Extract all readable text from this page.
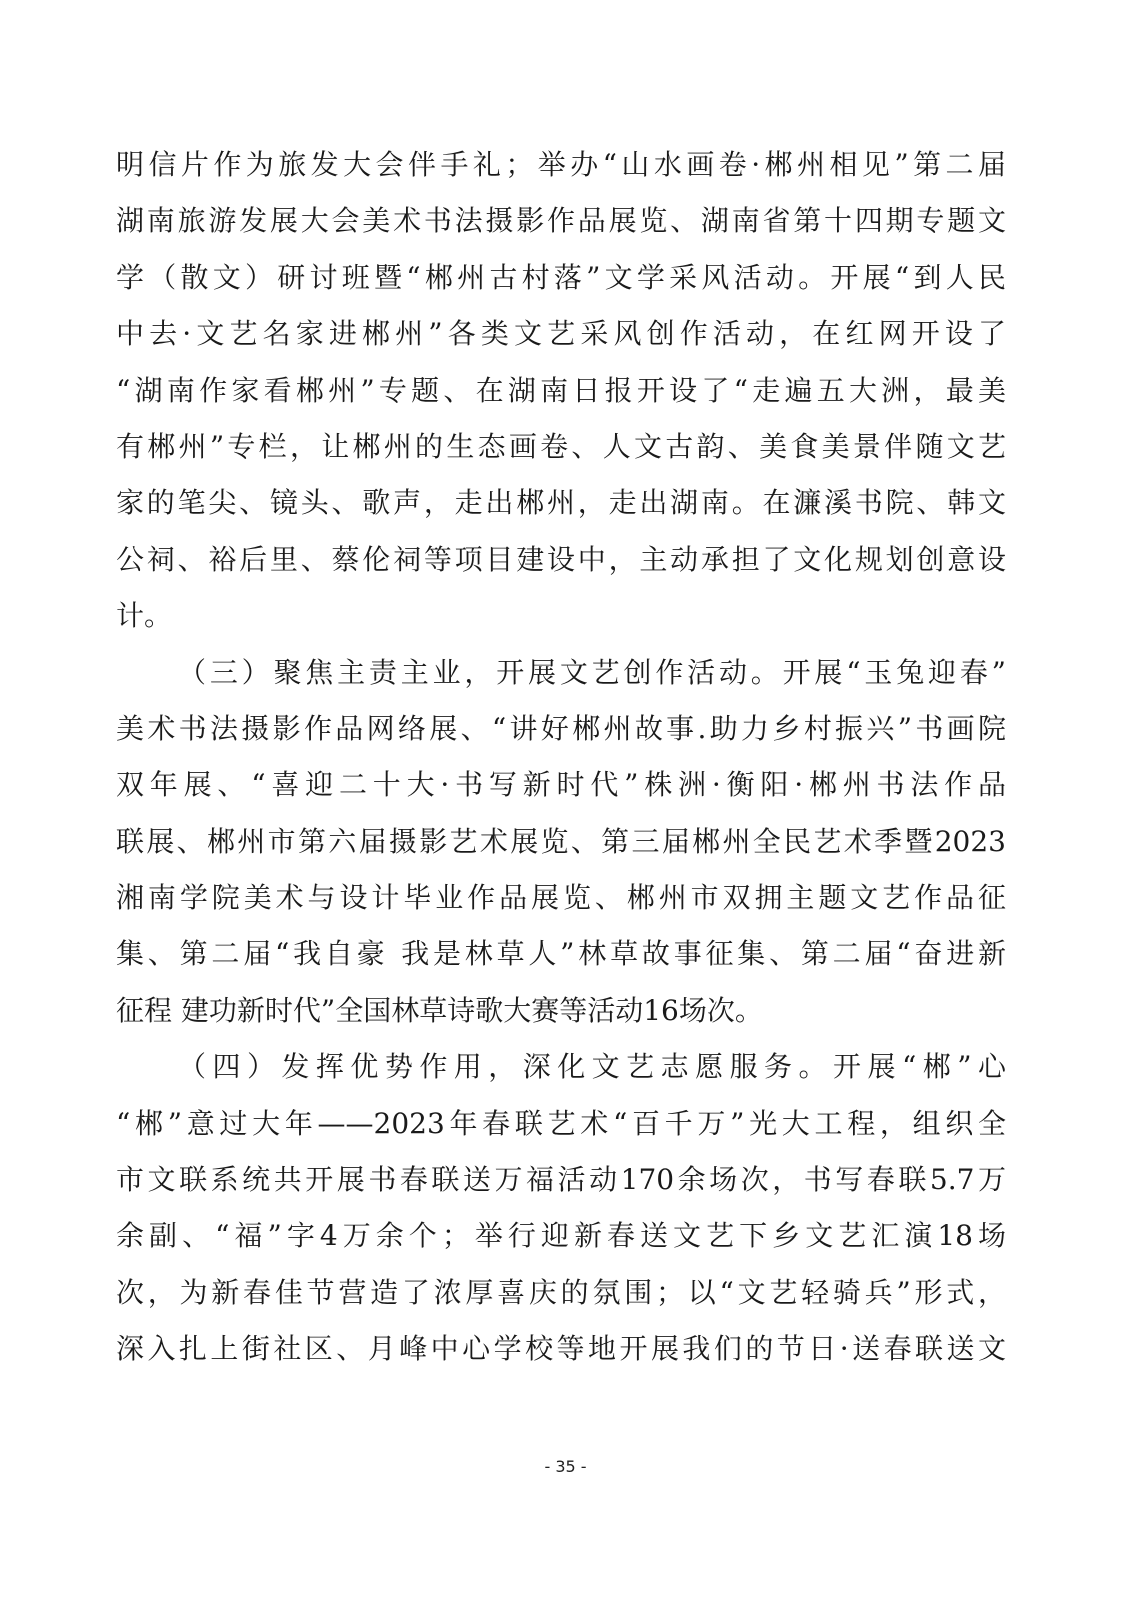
明信片作为旅发大会伴手礼；举办“山水画卷·郴州相见”第二届
湖南旅游发展大会美术书法摄影作品展览、湖南省第十四期专题文
学（散文）研讨班暨“郴州古村落”文学采风活动。开展“到人民
中去·文艺名家进郴州”各类文艺采风创作活动，在红网开设了
“湖南作家看郴州”专题、在湖南日报开设了“走遍五大洲，最美
有郴州”专栏，让郴州的生态画卷、人文古韵、美食美景伴随文艺
家的笔尖、镜头、歌声，走出郴州，走出湖南。在濂溪书院、韩文
公祠、裕后里、蔡伦祠等项目建设中，主动承担了文化规划创意设
计。
（三）聚焦主责主业，开展文艺创作活动。开展“玉兔迎春”
美术书法摄影作品网络展、“讲好郴州故事.助力乡村振兴”书画院
双年展、“喜迎二十大·书写新时代”株洲·衡阳·郴州书法作品
联展、郴州市第六届摄影艺术展览、第三届郴州全民艺术季暨2023
湘南学院美术与设计毕业作品展览、郴州市双拥主题文艺作品征
集、第二届“我自豪 我是林草人”林草故事征集、第二届“奋进新
征程 建功新时代”全国林草诗歌大赛等活动16场次。
（四）发挥优势作用，深化文艺志愿服务。开展“郴”心
“郴”意过大年——2023年春联艺术“百千万”光大工程，组织全
市文联系统共开展书春联送万福活动170余场次，书写春联5.7万
余副、“福”字4万余个；举行迎新春送文艺下乡文艺汇演18场
次，为新春佳节营造了浓厚喜庆的氛围；以“文艺轻骑兵”形式，
深入扎上街社区、月峰中心学校等地开展我们的节日·送春联送文
- 35 -
